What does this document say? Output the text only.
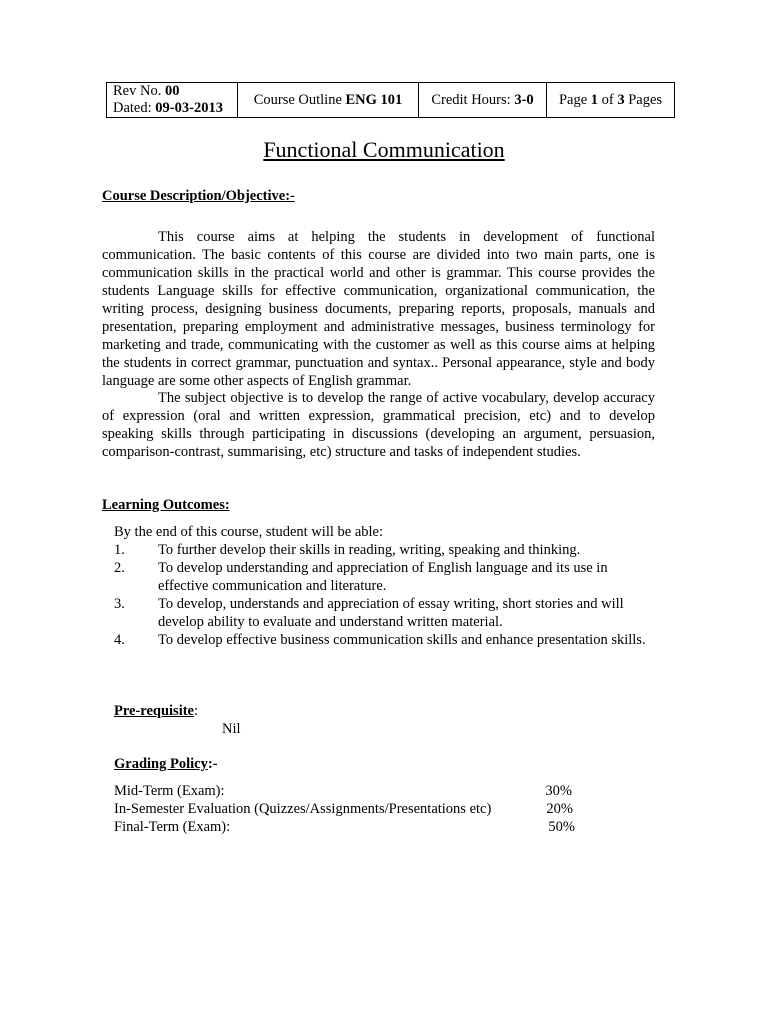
Rev No. 00
Dated: 09-03-2013
	Course Outline ENG 101	Credit Hours: 3-0	Page 1 of 3 Pages
Functional Communication
Course Description/Objective:-

This course aims at helping the students in development of functional communication. The basic contents of this course are divided into two main parts, one is communication skills in the practical world and other is grammar. This course provides the students Language skills for effective communication, organizational communication, the writing process, designing business documents, preparing reports, proposals, manuals and presentation, preparing employment and administrative messages, business terminology for marketing and trade, communicating with the customer as well as this course aims at helping the students in correct grammar, punctuation and syntax.. Personal appearance, style and body language are some other aspects of English grammar.

The subject objective is to develop the range of active vocabulary, develop accuracy of expression (oral and written expression, grammatical precision, etc) and to develop speaking skills through participating in discussions (developing an argument, persuasion, comparison-contrast, summarising, etc) structure and tasks of independent studies.

Learning Outcomes:
By the end of this course, student will be able:
1. To further develop their skills in reading, writing, speaking and thinking.
2. To develop understanding and appreciation of English language and its use in effective communication and literature.
3. To develop, understands and appreciation of essay writing, short stories and will develop ability to evaluate and understand written material.
4. To develop effective business communication skills and enhance presentation skills.
Pre-requisite:
Nil
Grading Policy:-
Mid-Term (Exam):	30%
In-Semester Evaluation (Quizzes/Assignments/Presentations etc)	20%
Final-Term (Exam):	50%
